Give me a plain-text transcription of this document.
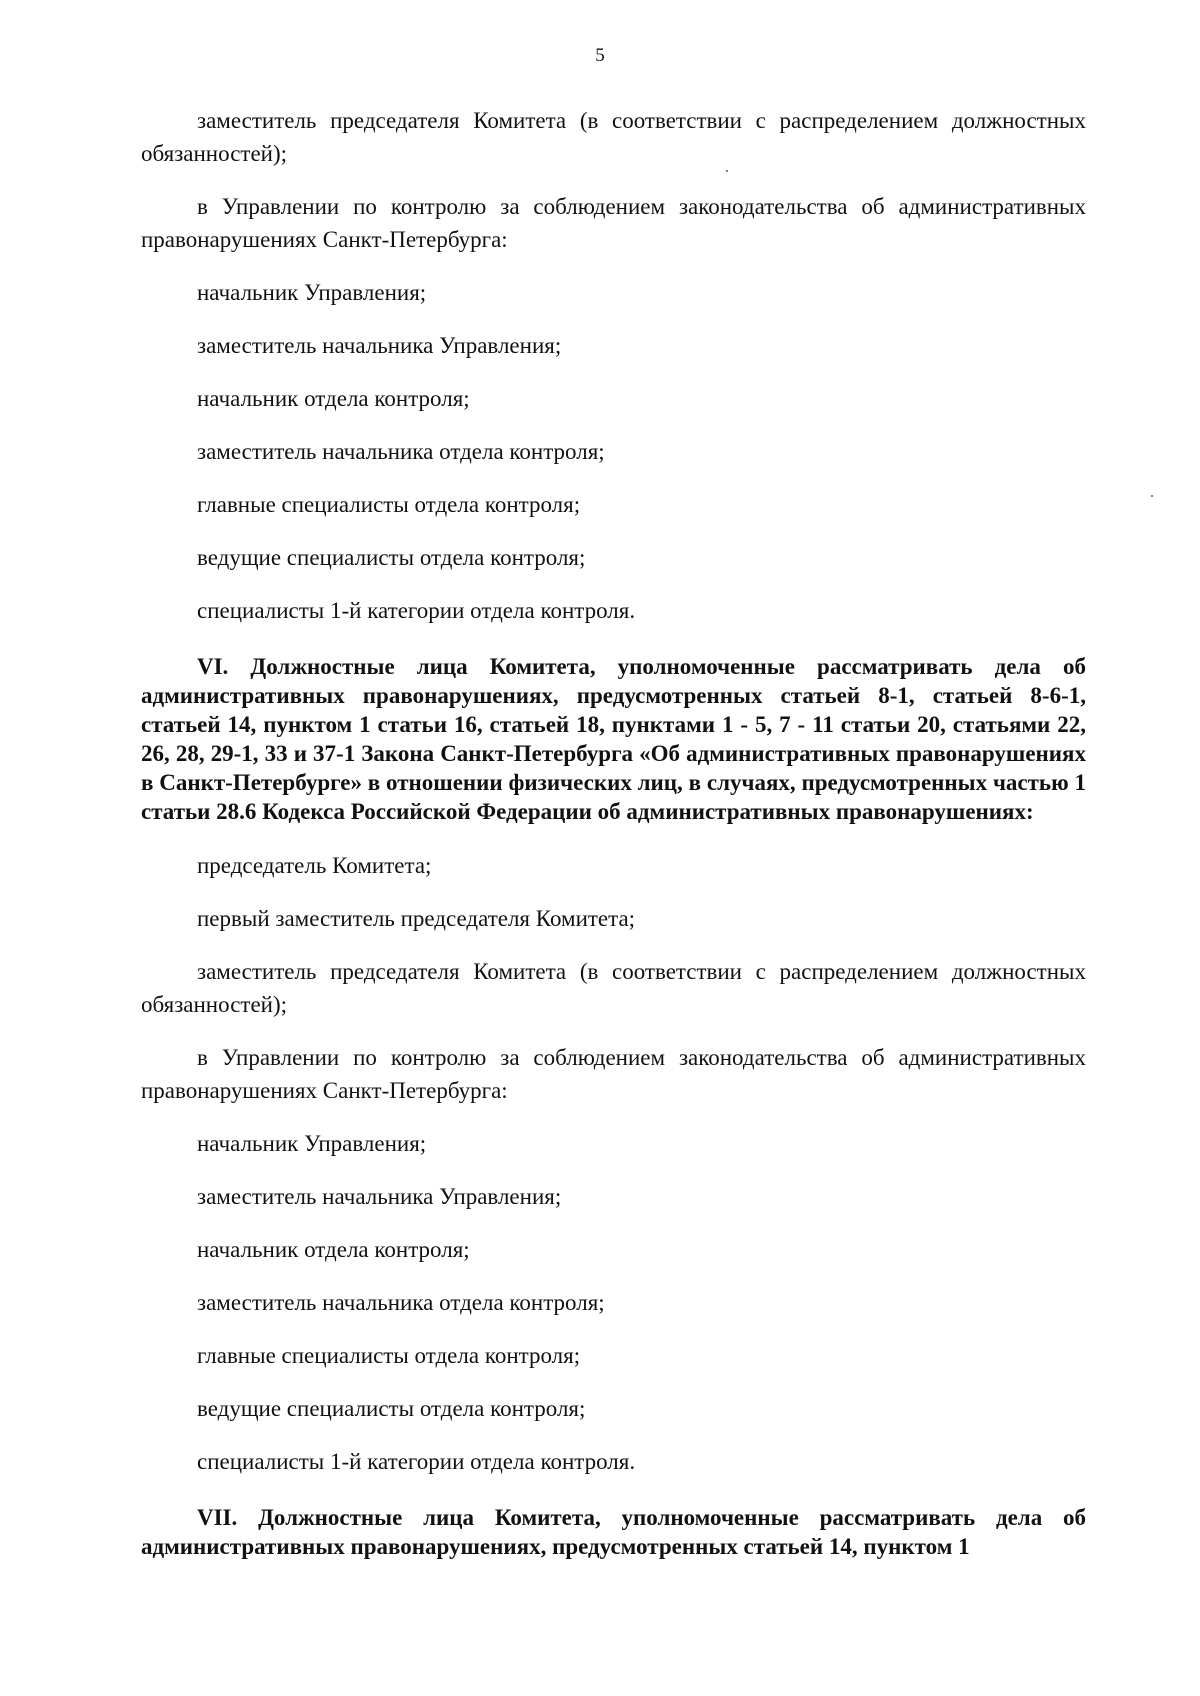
5

заместитель председателя Комитета (в соответствии с распределением должностных обязанностей);

в Управлении по контролю за соблюдением законодательства об административных правонарушениях Санкт-Петербурга:

начальник Управления;

заместитель начальника Управления;

начальник отдела контроля;

заместитель начальника отдела контроля;

главные специалисты отдела контроля;

ведущие специалисты отдела контроля;

специалисты 1-й категории отдела контроля.

VI. Должностные лица Комитета, уполномоченные рассматривать дела об административных правонарушениях, предусмотренных статьей 8-1, статьей 8-6-1, статьей 14, пунктом 1 статьи 16, статьей 18, пунктами 1 - 5, 7 - 11 статьи 20, статьями 22, 26, 28, 29-1, 33 и 37-1 Закона Санкт-Петербурга «Об административных правонарушениях в Санкт-Петербурге» в отношении физических лиц, в случаях, предусмотренных частью 1 статьи 28.6 Кодекса Российской Федерации об административных правонарушениях:

председатель Комитета;

первый заместитель председателя Комитета;

заместитель председателя Комитета (в соответствии с распределением должностных обязанностей);

в Управлении по контролю за соблюдением законодательства об административных правонарушениях Санкт-Петербурга:

начальник Управления;

заместитель начальника Управления;

начальник отдела контроля;

заместитель начальника отдела контроля;

главные специалисты отдела контроля;

ведущие специалисты отдела контроля;

специалисты 1-й категории отдела контроля.

VII. Должностные лица Комитета, уполномоченные рассматривать дела об административных правонарушениях, предусмотренных статьей 14, пунктом 1
